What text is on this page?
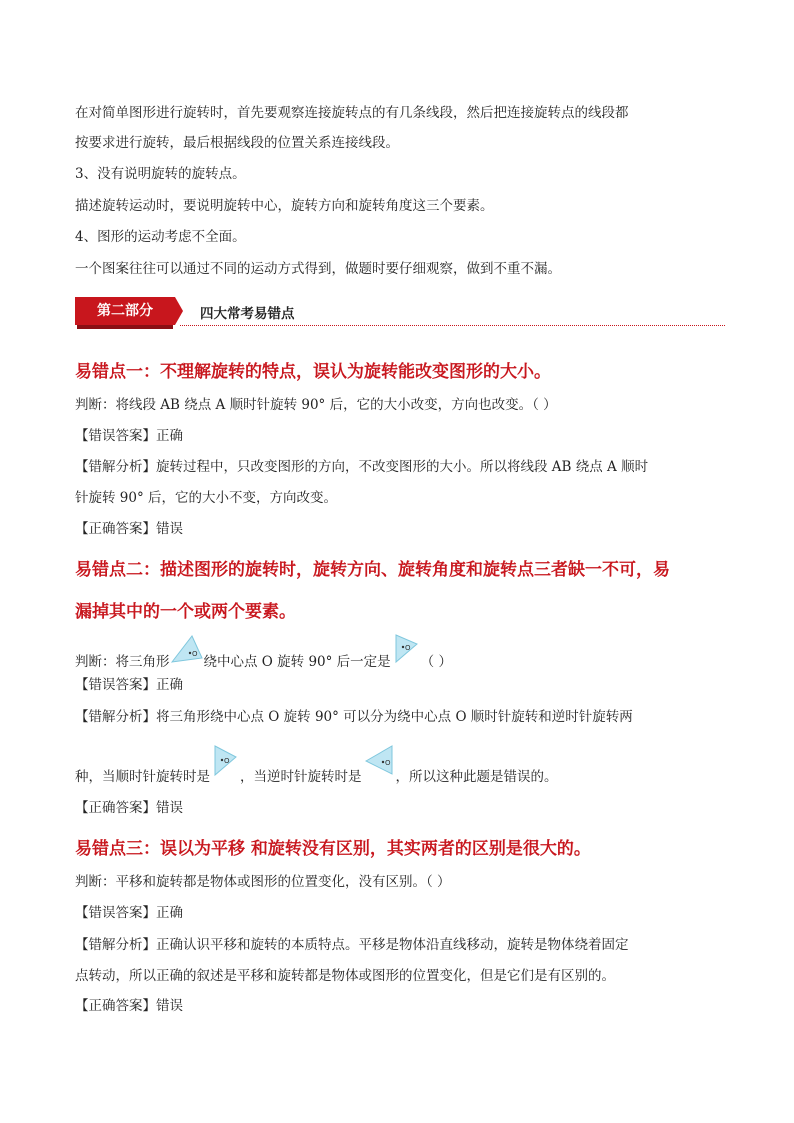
在对简单图形进行旋转时，首先要观察连接旋转点的有几条线段，然后把连接旋转点的线段都
按要求进行旋转，最后根据线段的位置关系连接线段。
3、没有说明旋转的旋转点。
描述旋转运动时，要说明旋转中心，旋转方向和旋转角度这三个要素。
4、图形的运动考虑不全面。
一个图案往往可以通过不同的运动方式得到，做题时要仔细观察，做到不重不漏。
第二部分	四大常考易错点
易错点一：不理解旋转的特点，误认为旋转能改变图形的大小。
判断：将线段 AB 绕点 A 顺时针旋转 90° 后，它的大小改变，方向也改变。（ ）
【错误答案】正确
【错解分析】旋转过程中，只改变图形的方向，不改变图形的大小。所以将线段 AB 绕点 A 顺时
针旋转 90° 后，它的大小不变，方向改变。
【正确答案】错误
易错点二：描述图形的旋转时，旋转方向、旋转角度和旋转点三者缺一不可，易
漏掉其中的一个或两个要素。
判断：将三角形	O 绕中心点 O 旋转 90° 后一定是
O
（ ）
【错误答案】正确
【错解分析】将三角形绕中心点 O 旋转 90° 可以分为绕中心点 O 顺时针旋转和逆时针旋转两
种，当顺时针旋转时是
O
，当逆时针旋转时是
O
，所以这种此题是错误的。
【正确答案】错误
易错点三：误以为平移 和旋转没有区别，其实两者的区别是很大的。
判断：平移和旋转都是物体或图形的位置变化，没有区别。（ ）
【错误答案】正确
【错解分析】正确认识平移和旋转的本质特点。平移是物体沿直线移动，旋转是物体绕着固定
点转动，所以正确的叙述是平移和旋转都是物体或图形的位置变化，但是它们是有区别的。
【正确答案】错误
